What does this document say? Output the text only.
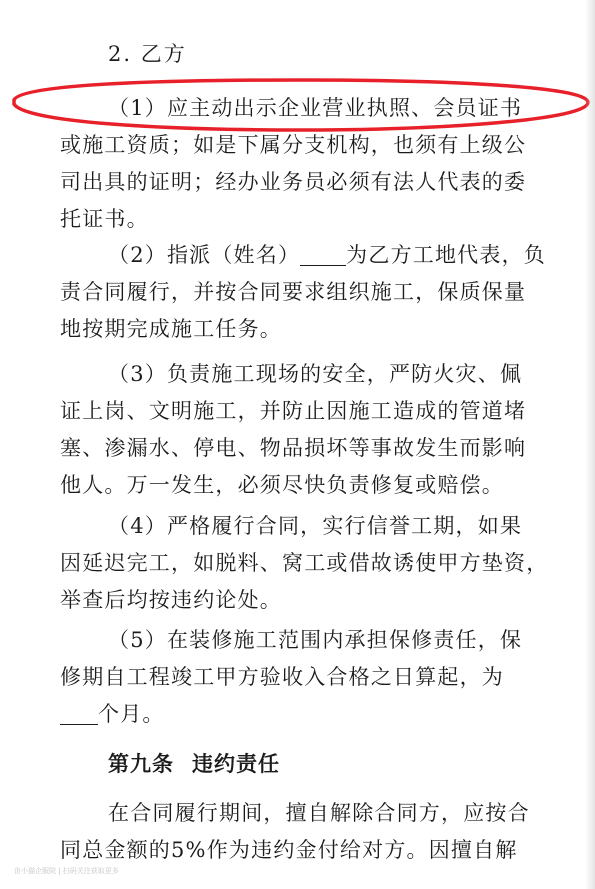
2. 乙方
（1）应主动出示企业营业执照、会员证书
或施工资质；如是下属分支机构，也须有上级公
司出具的证明；经办业务员必须有法人代表的委
托证书。
（2）指派（姓名） 为乙方工地代表，负
责合同履行，并按合同要求组织施工，保质保量
地按期完成施工任务。
（3）负责施工现场的安全，严防火灾、佩
证上岗、文明施工，并防止因施工造成的管道堵
塞、渗漏水、停电、物品损坏等事故发生而影响
他人。万一发生，必须尽快负责修复或赔偿。
（4）严格履行合同，实行信誉工期，如果
因延迟完工，如脱料、窝工或借故诱使甲方垫资，
举查后均按违约论处。
（5）在装修施工范围内承担保修责任，保
修期自工程竣工甲方验收入合格之日算起，为
个月。
第九条 违约责任
在合同履行期间，擅自解除合同方，应按合
同总金额的5%作为违约金付给对方。因擅自解
由小猫企服院 | 扫码关注获取更多
